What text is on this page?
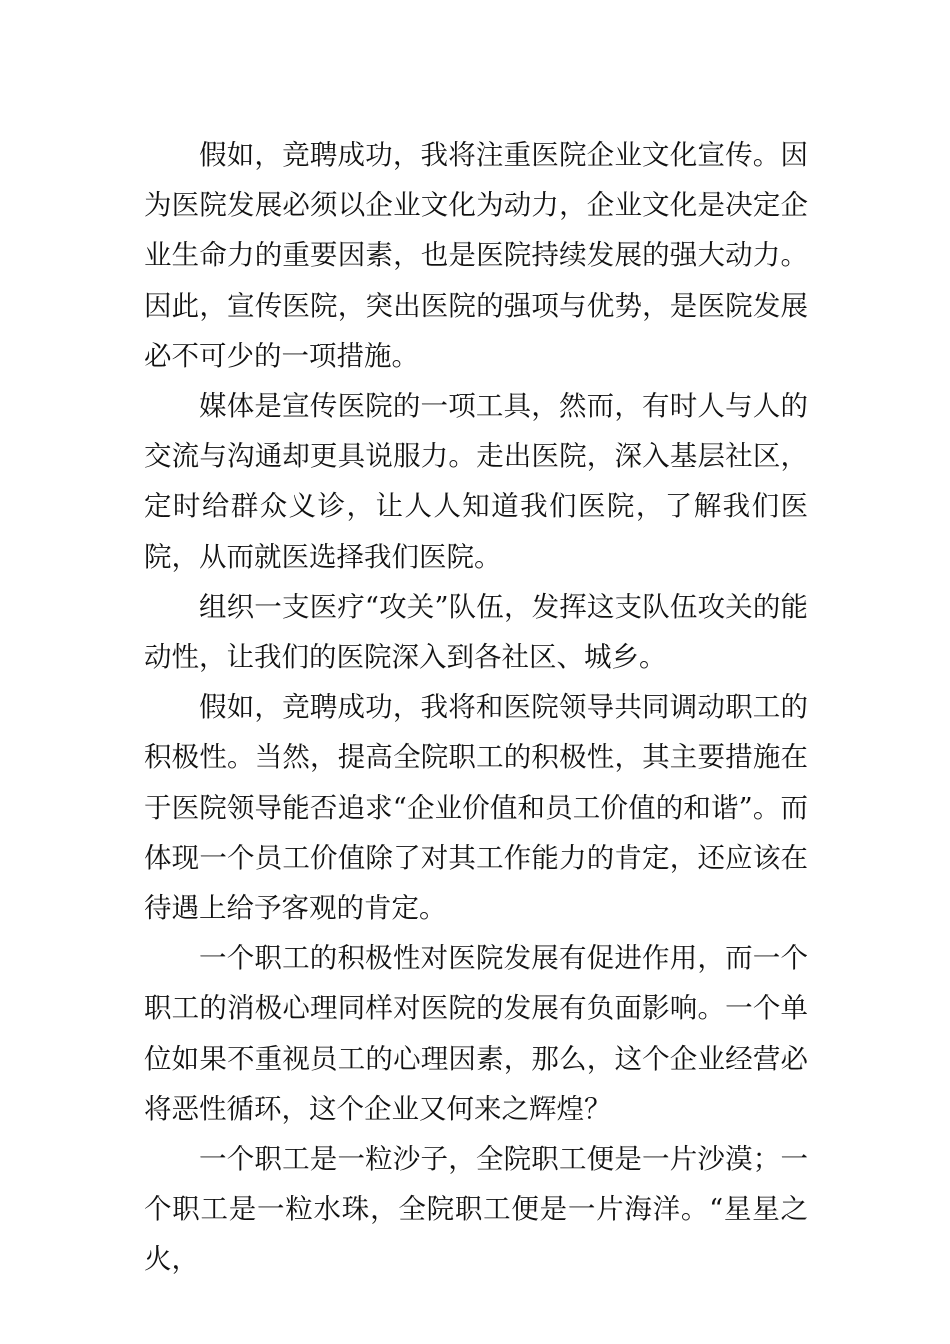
假如，竞聘成功，我将注重医院企业文化宣传。因为医院发展必须以企业文化为动力，企业文化是决定企业生命力的重要因素，也是医院持续发展的强大动力。因此，宣传医院，突出医院的强项与优势，是医院发展必不可少的一项措施。

媒体是宣传医院的一项工具，然而，有时人与人的交流与沟通却更具说服力。走出医院，深入基层社区，定时给群众义诊，让人人知道我们医院，了解我们医院，从而就医选择我们医院。

组织一支医疗“攻关”队伍，发挥这支队伍攻关的能动性，让我们的医院深入到各社区、城乡。

假如，竞聘成功，我将和医院领导共同调动职工的积极性。当然，提高全院职工的积极性，其主要措施在于医院领导能否追求“企业价值和员工价值的和谐”。而体现一个员工价值除了对其工作能力的肯定，还应该在待遇上给予客观的肯定。

一个职工的积极性对医院发展有促进作用，而一个职工的消极心理同样对医院的发展有负面影响。一个单位如果不重视员工的心理因素，那么，这个企业经营必将恶性循环，这个企业又何来之辉煌？

一个职工是一粒沙子，全院职工便是一片沙漠；一个职工是一粒水珠，全院职工便是一片海洋。“星星之火，
